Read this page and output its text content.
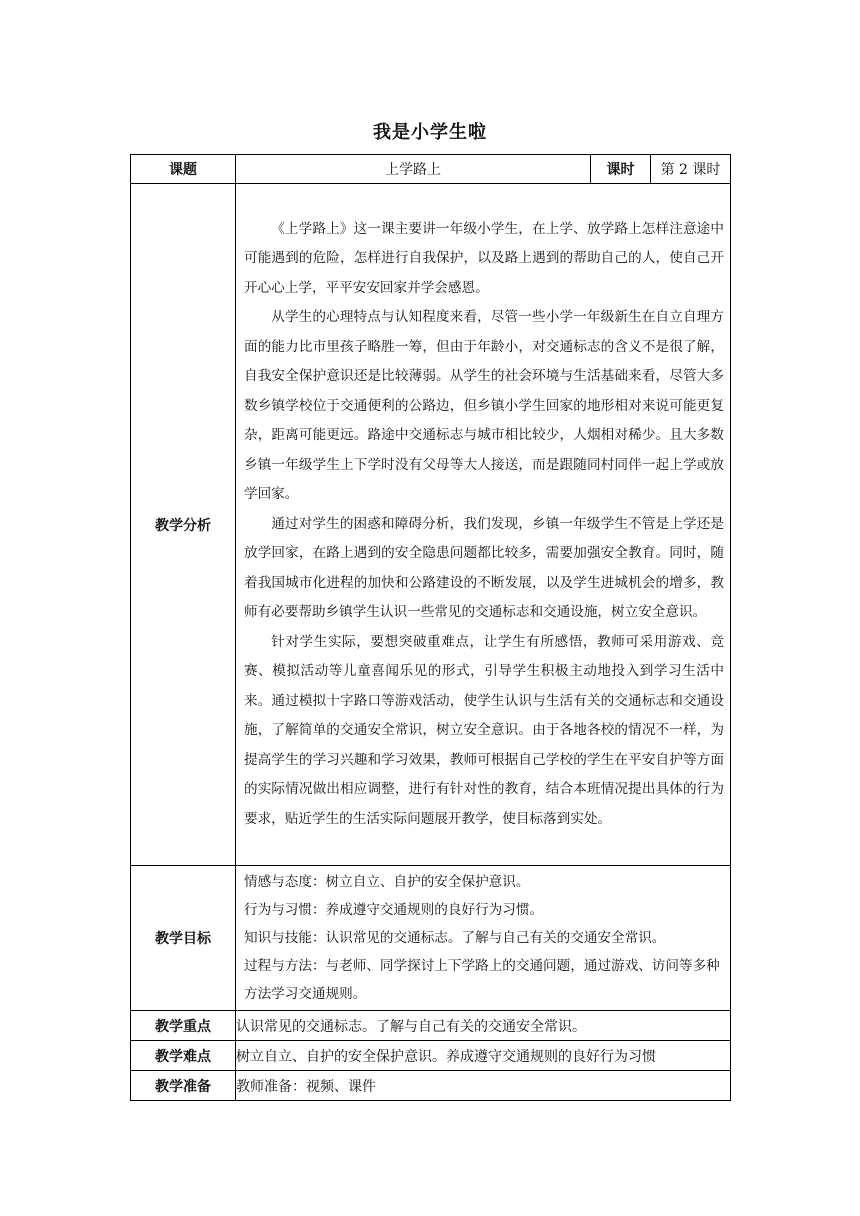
我是小学生啦
课题	上学路上	课时	第 2 课时
教学分析	《上学路上》这一课主要讲一年级小学生，在上学、放学路上怎样注意途中可能遇到的危险，怎样进行自我保护，以及路上遇到的帮助自己的人，使自己开开心心上学，平平安安回家并学会感恩。

从学生的心理特点与认知程度来看，尽管一些小学一年级新生在自立自理方面的能力比市里孩子略胜一筹，但由于年龄小，对交通标志的含义不是很了解，自我安全保护意识还是比较薄弱。从学生的社会环境与生活基础来看，尽管大多数乡镇学校位于交通便利的公路边，但乡镇小学生回家的地形相对来说可能更复杂，距离可能更远。路途中交通标志与城市相比较少，人烟相对稀少。且大多数乡镇一年级学生上下学时没有父母等大人接送，而是跟随同村同伴一起上学或放学回家。

通过对学生的困惑和障碍分析，我们发现，乡镇一年级学生不管是上学还是放学回家，在路上遇到的安全隐患问题都比较多，需要加强安全教育。同时，随着我国城市化进程的加快和公路建设的不断发展，以及学生进城机会的增多，教师有必要帮助乡镇学生认识一些常见的交通标志和交通设施，树立安全意识。

针对学生实际，要想突破重难点，让学生有所感悟，教师可采用游戏、竞赛、模拟活动等儿童喜闻乐见的形式，引导学生积极主动地投入到学习生活中来。通过模拟十字路口等游戏活动，使学生认识与生活有关的交通标志和交通设施，了解简单的交通安全常识，树立安全意识。由于各地各校的情况不一样，为提高学生的学习兴趣和学习效果，教师可根据自己学校的学生在平安自护等方面的实际情况做出相应调整，进行有针对性的教育，结合本班情况提出具体的行为要求，贴近学生的生活实际问题展开教学，使目标落到实处。		

教学目标	情感与态度：树立自立、自护的安全保护意识。

行为与习惯：养成遵守交通规则的良好行为习惯。

知识与技能：认识常见的交通标志。了解与自己有关的交通安全常识。

过程与方法：与老师、同学探讨上下学路上的交通问题，通过游戏、访问等多种方法学习交通规则。		

教学重点	认识常见的交通标志。了解与自己有关的交通安全常识。		
教学难点	树立自立、自护的安全保护意识。养成遵守交通规则的良好行为习惯		
教学准备	教师准备：视频、课件		
